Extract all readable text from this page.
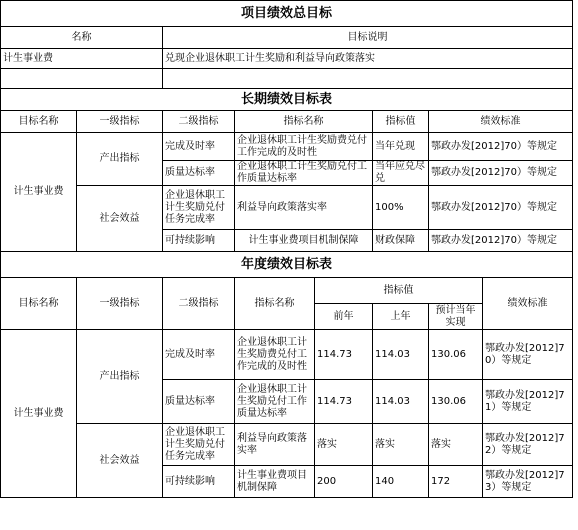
项目绩效总目标							
名称		目标说明					
计生事业费		兑现企业退休职工计生奖励和利益导向政策落实					

长期绩效目标表							
目标名称	一级指标	二级指标	指标名称		指标值	绩效标准	
计生事业费	产出指标	完成及时率	企业退休职工计生奖励费兑付工作完成的及时性		当年兑现	鄂政办发[2012]70）等规定	
		质量达标率	企业退休职工计生奖励兑付工作质量达标率		当年应兑尽兑	鄂政办发[2012]70）等规定	
	社会效益	企业退休职工计生奖励兑付任务完成率	利益导向政策落实率		100%	鄂政办发[2012]70）等规定	
		可持续影响	计生事业费项目机制保障		财政保障	鄂政办发[2012]70）等规定	
年度绩效目标表							
目标名称	一级指标	二级指标	指标名称	指标值			绩效标准
				前年	上年	预计当年实现	
计生事业费	产出指标	完成及时率	企业退休职工计生奖励费兑付工作完成的及时性	114.73	114.03	130.06	鄂政办发[2012]70）等规定
		质量达标率	企业退休职工计生奖励兑付工作质量达标率	114.73	114.03	130.06	鄂政办发[2012]71）等规定
	社会效益	企业退休职工计生奖励兑付任务完成率	利益导向政策落实率	落实	落实	落实	鄂政办发[2012]72）等规定
		可持续影响	计生事业费项目机制保障	200	140	172	鄂政办发[2012]73）等规定
